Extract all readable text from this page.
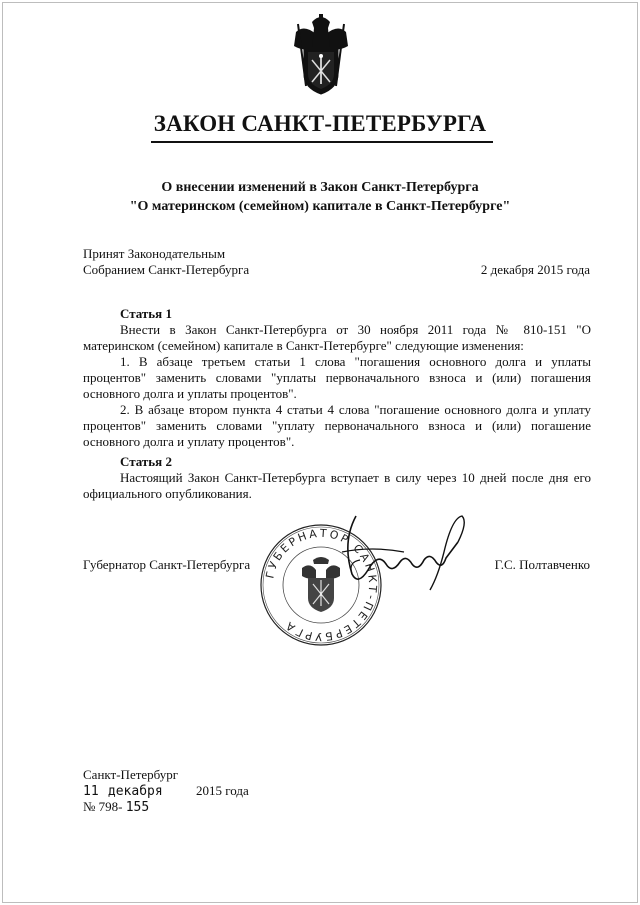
ЗАКОН САНКТ-ПЕТЕРБУРГА
О внесении изменений в Закон Санкт-Петербурга
"О материнском (семейном) капитале в Санкт-Петербурге"
Принят Законодательным
Собранием Санкт-Петербурга	2 декабря 2015 года

Статья 1

Внести в Закон Санкт-Петербурга от 30 ноября 2011 года № 810-151 "О материнском (семейном) капитале в Санкт-Петербурге" следующие изменения:

1. В абзаце третьем статьи 1 слова "погашения основного долга и уплаты процентов" заменить словами "уплаты первоначального взноса и (или) погашения основного долга и уплаты процентов".

2. В абзаце втором пункта 4 статьи 4 слова "погашение основного долга и уплату процентов" заменить словами "уплату первоначального взноса и (или) погашение основного долга и уплату процентов".

Статья 2

Настоящий Закон Санкт-Петербурга вступает в силу через 10 дней после дня его официального опубликования.

Губернатор Санкт-Петербурга	Г.С. Полтавченко
ГУБЕРНАТОР САНКТ-ПЕТЕРБУРГА
Санкт-Петербург
11 декабря	2015 года
№ 798- 155
